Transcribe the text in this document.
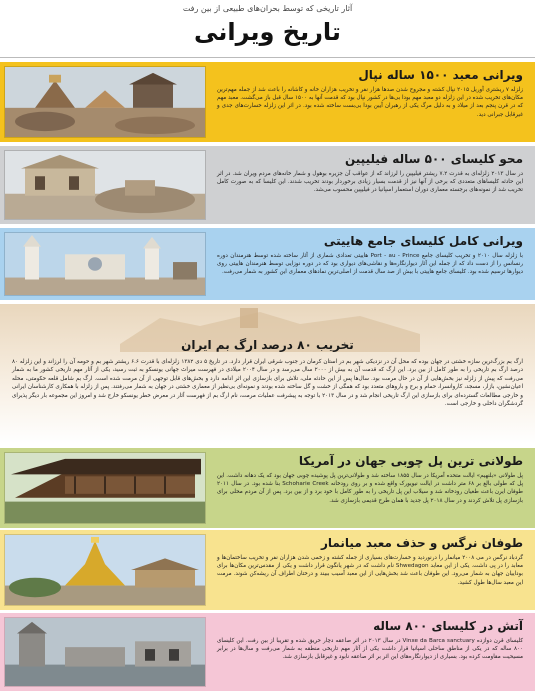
آثار تاریخی که توسط بحران‌های طبیعی از بین رفت
تاریخ ویرانی
ویرانی معبد ۱۵۰۰ ساله نپال
زلزله ۷ ریشتری آوریل ۲۰۱۵ نپال کشته و مجروح شدن صدها هزار نفر و تخریب هزاران خانه و کاشانه را باعث شد از جمله مهم‌ترین مکان‌های تخریب شده در این زلزله دو معبد مهم بودا بی‌ها در کشور نپال بود که قدمت آنها به ۱۵۰۰ سال قبل باز می‌گشت. معبد مهم که در قرن پنجم بعد از میلاد و به دلیل مرگ یکی از رهبران آیین بودا بی‌بست ساخته شده بود. در اثر این زلزله خسارت‌های جدی و غیرقابل جبرانی دید.
محو کلیسای ۵۰۰ ساله فیلیپین
در سال ۲۰۱۳ زلزله‌ای به قدرت ۷.۲ ریشتر فیلیپین را لرزاند که از عواقب آن جزیره بوهول و شمار خانه‌های مردم ویران شد. در اثر این حادثه کلیساهای متعددی که برخی از آنها نیز از قدمت بسیار زیادی برخوردار بودند تخریب شدند. این کلیسا که به صورت کامل تخریب شد از نمونه‌های برجسته معماری دوران استعمار اسپانیا در فیلیپین محسوب می‌شد.
ویرانی کامل کلیسای جامع هاییتی
با زلزله سال ۲۰۱۰ و تخریب کلیسای جامع Port - au - Prince هاییتی تعدادی شماری از آثار ساخته شده توسط هنرمندان دوره رنسانس را از دست داد که از جمله این آثار دیوارنگاره‌ها و نقاشی‌های دیواری بود که در دوره نوزایی توسط هنرمندان هاییتی روی دیوارها ترسیم شده بود. کلیسای جامع هاییتی با بیش از صد سال قدمت از اصلی‌ترین نمادهای معماری این کشور به شمار می‌رفت.
تخریب ۸۰ درصد ارگ بم ایران
ارگ بم بزرگ‌ترین سازه خشتی در جهان بوده که محل آن در نزدیکی شهر بم در استان کرمان در جنوب شرقی ایران قرار دارد. در تاریخ ۵ دی ۱۳۸۲ زلزله‌ای با قدرت ۶.۶ ریشتر شهر بم و حومه آن را لرزاند و این زلزله ۸۰ درصد ارگ بم تاریخی را به طور کامل از بین برد. این ارگ که قدمت آن به بیش از ۲۰۰۰ سال می‌رسد و در سال ۲۰۰۴ میلادی در فهرست میراث جهانی یونسکو به ثبت رسید، یکی از آثار مهم تاریخی کشور ما به شمار می‌رفت که پیش از زلزله نیز بخش‌هایی از آن در حال مرمت بود. سال‌ها پس از این حادثه ملی، تلاش برای بازسازی این اثر ادامه دارد و بخش‌های قابل توجهی از آن مرمت شده است. ارگ بم شامل قلعه حکومتی، محله اعیان‌نشین، بازار، مسجد، کاروانسرا، حمام و برج و باروهای متعدد بود که همگی از خشت و گل ساخته شده بودند و نمونه‌ای بی‌نظیر از معماری خشتی در جهان به شمار می‌رفتند. پس از زلزله با همکاری کارشناسان ایرانی و خارجی مطالعات گسترده‌ای برای بازسازی این ارگ تاریخی انجام شد و در سال ۲۰۱۳ با توجه به پیشرفت عملیات مرمت، نام ارگ بم از فهرست آثار در معرض خطر یونسکو خارج شد و امروز این مجموعه بار دیگر پذیرای گردشگران داخلی و خارجی است.
طولانی ترین پل چوبی جهان در آمریکا
پل طولانی «بلنهیم» ایالت متحده آمریکا در سال ۱۸۵۵ ساخته شد و طولانی‌ترین پل پوشیده چوبی جهان بود که یک دهانه داشت. این پل که طولی بالغ بر ۶۸ متر داشت در ایالت نیویورک واقع شده و بر روی رودخانه Schoharie Creek بنا شده بود. در سال ۲۰۱۱ طوفان ایرن باعث طغیان رودخانه شد و سیلاب این پل تاریخی را به طور کامل با خود برد و از بین برد. پس از آن مردم محلی برای بازسازی پل تلاش کردند و در سال ۲۰۱۸ پل جدید با همان طرح قدیمی بازسازی شد.
طوفان نرگس و حذف معبد میانمار
گردباد نرگس در می ۲۰۰۸ میانمار را درنوردید و خسارت‌های بسیاری از جمله کشته و زخمی شدن هزاران نفر و تخریب ساختمان‌ها و معابد را در پی داشت. یکی از این معابد Shwedagon نام داشت که در شهر یانگون قرار داشت و یکی از مقدس‌ترین مکان‌ها برای بوداییان جهان به شمار می‌رود. این طوفان باعث شد بخش‌هایی از این معبد آسیب ببیند و درختان اطراف آن ریشه‌کن شوند. مرمت این معبد سال‌ها طول کشید.
آتش در کلیسای ۸۰۰ ساله
کلیسای قرن دوازده Vinxe da Barca sanctuary در سال ۲۰۱۳ در اثر صاعقه دچار حریق شده و تقریبا از بین رفت. این کلیسای ۸۰۰ ساله که در یکی از مناطق ساحلی اسپانیا قرار داشت یکی از آثار مهم تاریخی منطقه به شمار می‌رفت و سال‌ها در برابر مسیحیت مقاومت کرده بود. بسیاری از دیوارنگاره‌های این اثر بر اثر صاعقه نابود و غیرقابل بازسازی شد.
